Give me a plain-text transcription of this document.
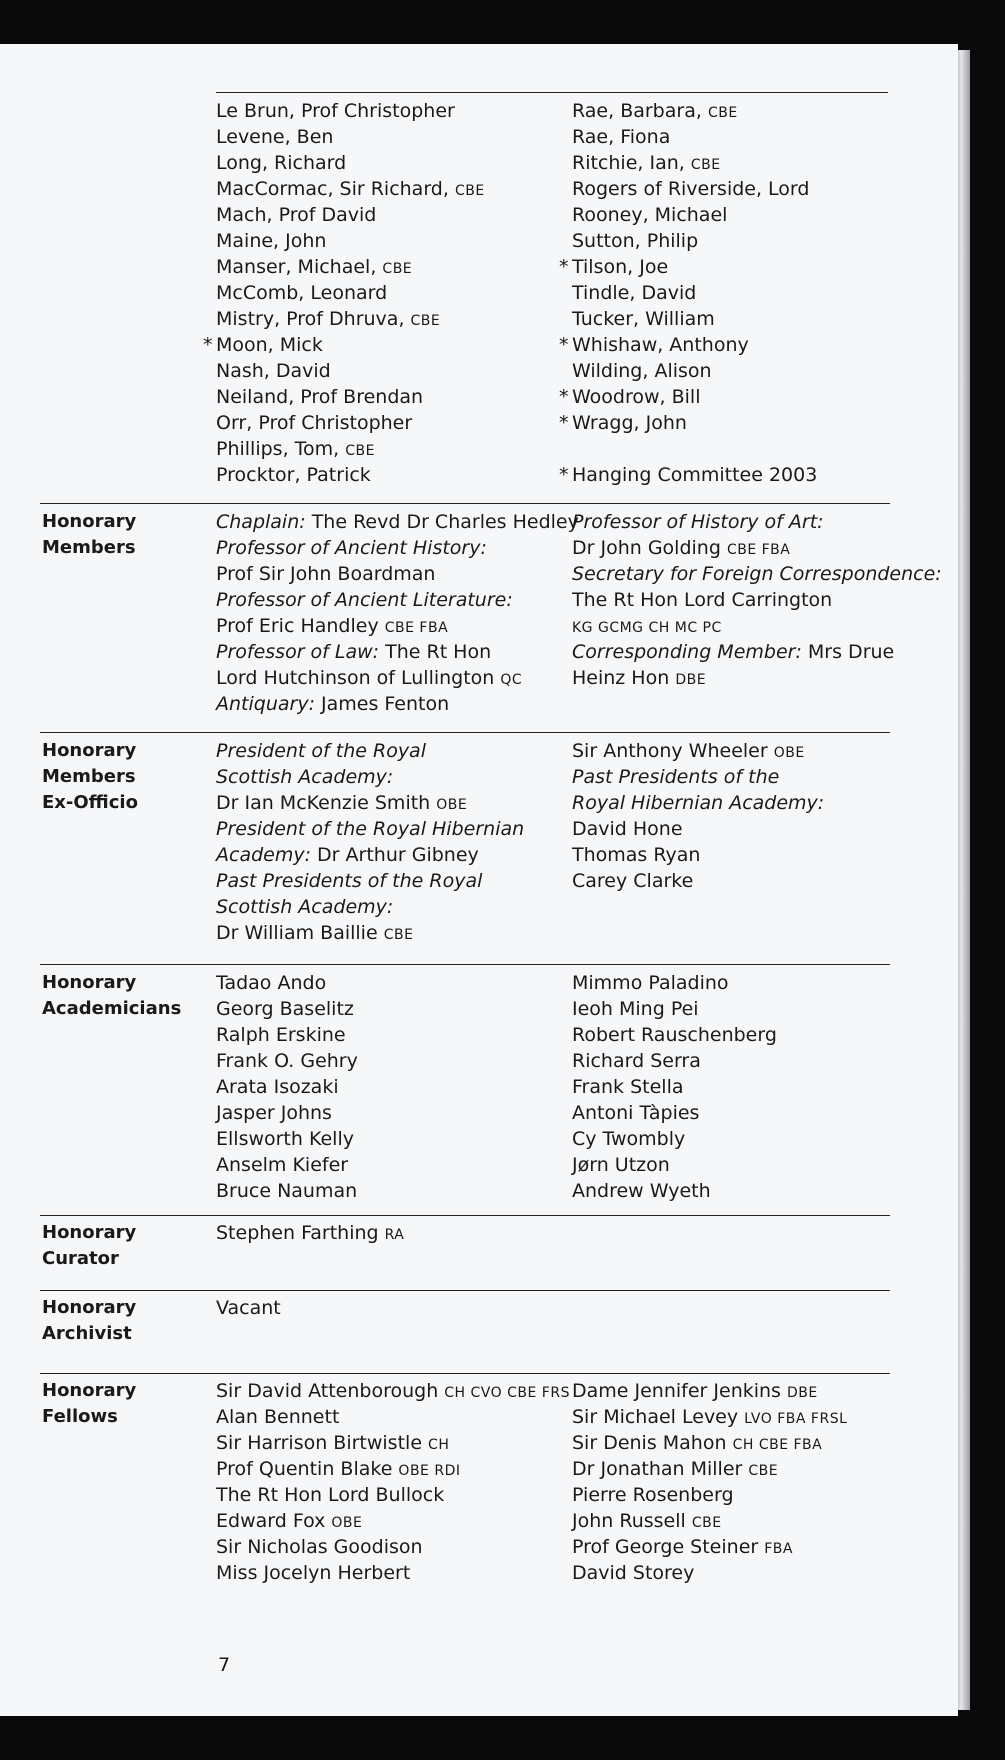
Le Brun, Prof Christopher
Levene, Ben
Long, Richard
MacCormac, Sir Richard, CBE
Mach, Prof David
Maine, John
Manser, Michael, CBE
McComb, Leonard
Mistry, Prof Dhruva, CBE
* Moon, Mick
Nash, David
Neiland, Prof Brendan
Orr, Prof Christopher
Phillips, Tom, CBE
Procktor, Patrick
Rae, Barbara, CBE
Rae, Fiona
Ritchie, Ian, CBE
Rogers of Riverside, Lord
Rooney, Michael
Sutton, Philip
* Tilson, Joe
Tindle, David
Tucker, William
* Whishaw, Anthony
Wilding, Alison
* Woodrow, Bill
* Wragg, John
* Hanging Committee 2003
Honorary
Members
Chaplain: The Revd Dr Charles Hedley
Professor of Ancient History:
Prof Sir John Boardman
Professor of Ancient Literature:
Prof Eric Handley CBE FBA
Professor of Law: The Rt Hon
Lord Hutchinson of Lullington QC
Antiquary: James Fenton
Professor of History of Art:
Dr John Golding CBE FBA
Secretary for Foreign Correspondence:
The Rt Hon Lord Carrington
KG GCMG CH MC PC
Corresponding Member: Mrs Drue
Heinz Hon DBE
Honorary
Members
Ex-Officio
President of the Royal
Scottish Academy:
Dr Ian McKenzie Smith OBE
President of the Royal Hibernian
Academy: Dr Arthur Gibney
Past Presidents of the Royal
Scottish Academy:
Dr William Baillie CBE
Sir Anthony Wheeler OBE
Past Presidents of the
Royal Hibernian Academy:
David Hone
Thomas Ryan
Carey Clarke
Honorary
Academicians
Tadao Ando
Georg Baselitz
Ralph Erskine
Frank O. Gehry
Arata Isozaki
Jasper Johns
Ellsworth Kelly
Anselm Kiefer
Bruce Nauman
Mimmo Paladino
Ieoh Ming Pei
Robert Rauschenberg
Richard Serra
Frank Stella
Antoni Tàpies
Cy Twombly
Jørn Utzon
Andrew Wyeth
Honorary
Curator
Stephen Farthing RA
Honorary
Archivist
Vacant
Honorary
Fellows
Sir David Attenborough CH CVO CBE FRS
Alan Bennett
Sir Harrison Birtwistle CH
Prof Quentin Blake OBE RDI
The Rt Hon Lord Bullock
Edward Fox OBE
Sir Nicholas Goodison
Miss Jocelyn Herbert
Dame Jennifer Jenkins DBE
Sir Michael Levey LVO FBA FRSL
Sir Denis Mahon CH CBE FBA
Dr Jonathan Miller CBE
Pierre Rosenberg
John Russell CBE
Prof George Steiner FBA
David Storey
7
